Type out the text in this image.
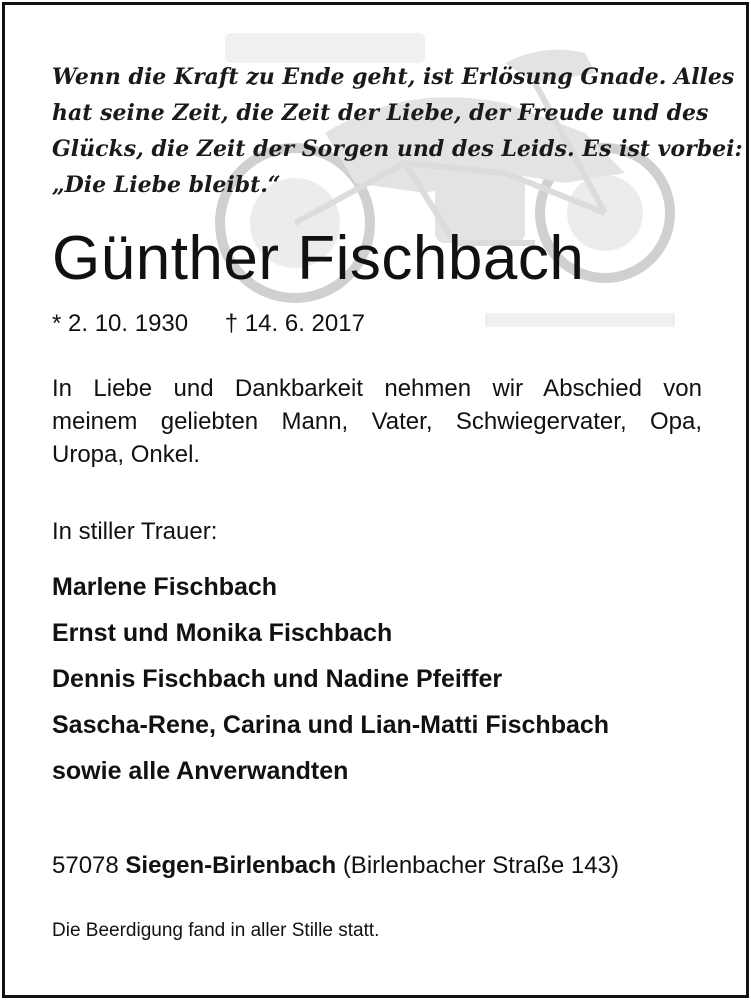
Wenn die Kraft zu Ende geht, ist Erlösung Gnade. Alles
hat seine Zeit, die Zeit der Liebe, der Freude und des
Glücks, die Zeit der Sorgen und des Leids. Es ist vorbei:
„Die Liebe bleibt.“
Günther Fischbach
* 2. 10. 1930 † 14. 6. 2017
In Liebe und Dankbarkeit nehmen wir Abschied von
meinem geliebten Mann, Vater, Schwiegervater, Opa,
Uropa, Onkel.
In stiller Trauer:
Marlene Fischbach
Ernst und Monika Fischbach
Dennis Fischbach und Nadine Pfeiffer
Sascha-Rene, Carina und Lian-Matti Fischbach
sowie alle Anverwandten
57078 Siegen-Birlenbach (Birlenbacher Straße 143)
Die Beerdigung fand in aller Stille statt.
